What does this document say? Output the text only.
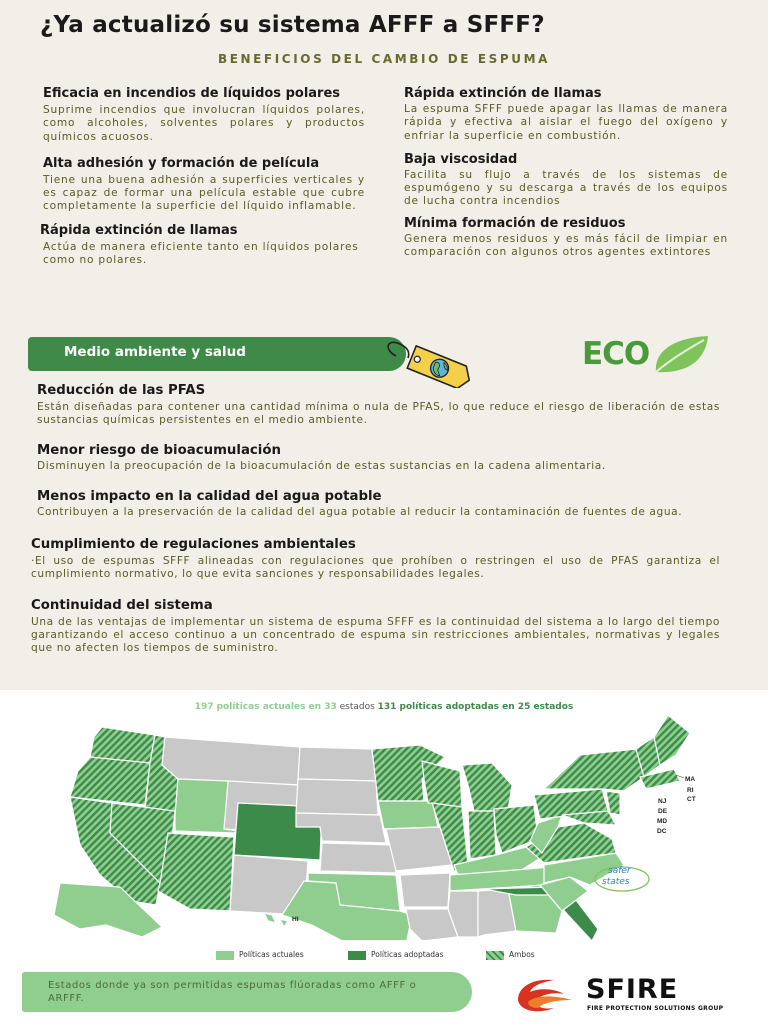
¿Ya actualizó su sistema AFFF a SFFF?
BENEFICIOS DEL CAMBIO DE ESPUMA

Eficacia en incendios de líquidos polares

Suprime incendios que involucran líquidos polares, como alcoholes, solventes polares y productos químicos acuosos.

Alta adhesión y formación de película

Tiene una buena adhesión a superficies verticales y es capaz de formar una película estable que cubre completamente la superficie del líquido inflamable.

Rápida extinción de llamas

Actúa de manera eficiente tanto en líquidos polares como no polares.

Rápida extinción de llamas

La espuma SFFF puede apagar las llamas de manera rápida y efectiva al aislar el fuego del oxígeno y enfriar la superficie en combustión.

Baja viscosidad

Facilita su flujo a través de los sistemas de espumógeno y su descarga a través de los equipos de lucha contra incendios

Mínima formación de residuos

Genera menos residuos y es más fácil de limpiar en comparación con algunos otros agentes extintores

Medio ambiente y salud	ECO
Reducción de las PFAS
Están diseñadas para contener una cantidad mínima o nula de PFAS, lo que reduce el riesgo de liberación de estas sustancias químicas persistentes en el medio ambiente.
Menor riesgo de bioacumulación
Disminuyen la preocupación de la bioacumulación de estas sustancias en la cadena alimentaria.
Menos impacto en la calidad del agua potable
Contribuyen a la preservación de la calidad del agua potable al reducir la contaminación de fuentes de agua.
Cumplimiento de regulaciones ambientales
·El uso de espumas SFFF alineadas con regulaciones que prohíben o restringen el uso de PFAS garantiza el cumplimiento normativo, lo que evita sanciones y responsabilidades legales.
Continuidad del sistema
Una de las ventajas de implementar un sistema de espuma SFFF es la continuidad del sistema a lo largo del tiempo garantizando el acceso continuo a un concentrado de espuma sin restricciones ambientales, normativas y legales que no afecten los tiempos de suministro.
197 políticas actuales en 33 estados 131 políticas adoptadas en 25 estados
HI
MA
RI
CT
NJ
DE
MD
DC
safer
states
Políticas actuales	Políticas adoptadas	Ambos
Estados donde ya son permitidas espumas flúoradas como AFFF o ARFFF.	SFIRE
FIRE PROTECTION SOLUTIONS GROUP
